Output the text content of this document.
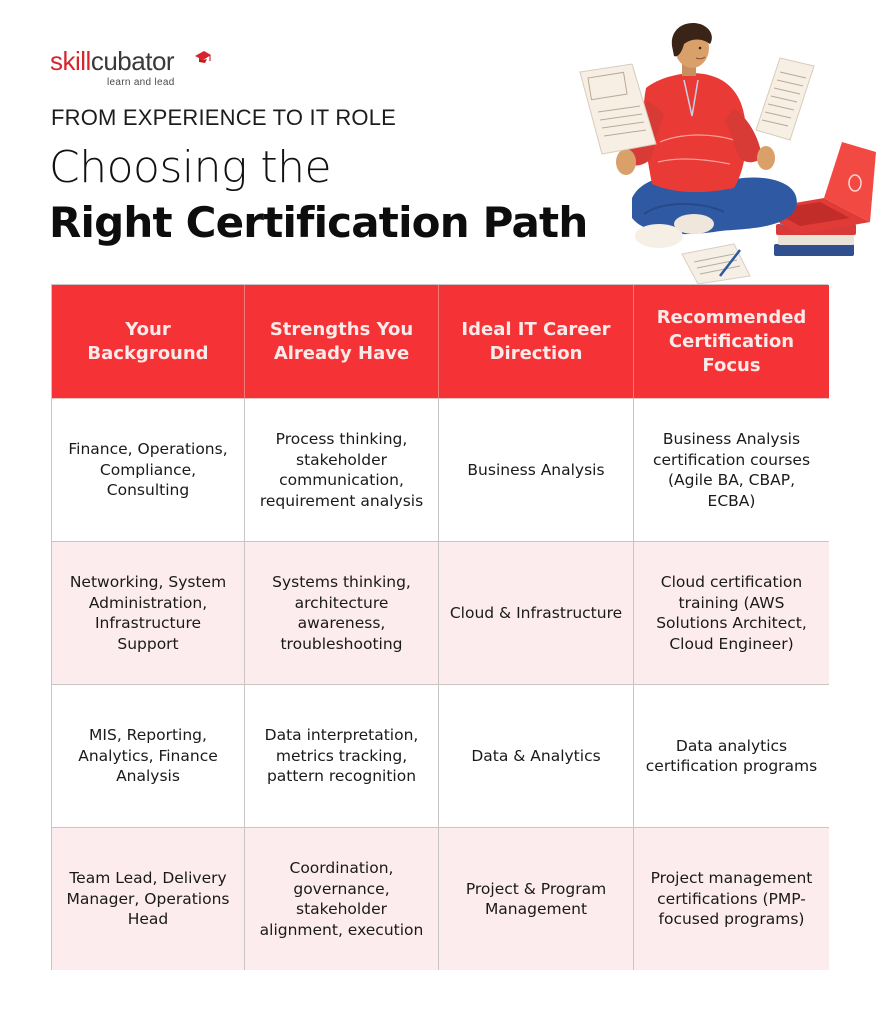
skillcubator
learn and lead
FROM EXPERIENCE TO IT ROLE
Choosing the
Right Certification Path
Your Background
Strengths You Already Have
Ideal IT Career Direction
Recommended Certification Focus
Finance, Operations, Compliance, Consulting
Process thinking, stakeholder communication, requirement analysis
Business Analysis
Business Analysis certification courses (Agile BA, CBAP, ECBA)
Networking, System Administration, Infrastructure Support
Systems thinking, architecture awareness, troubleshooting
Cloud & Infrastructure
Cloud certification training (AWS Solutions Architect, Cloud Engineer)
MIS, Reporting, Analytics, Finance Analysis
Data interpretation, metrics tracking, pattern recognition
Data & Analytics
Data analytics certification programs
Team Lead, Delivery Manager, Operations Head
Coordination, governance, stakeholder alignment, execution
Project & Program Management
Project management certifications (PMP-focused programs)
